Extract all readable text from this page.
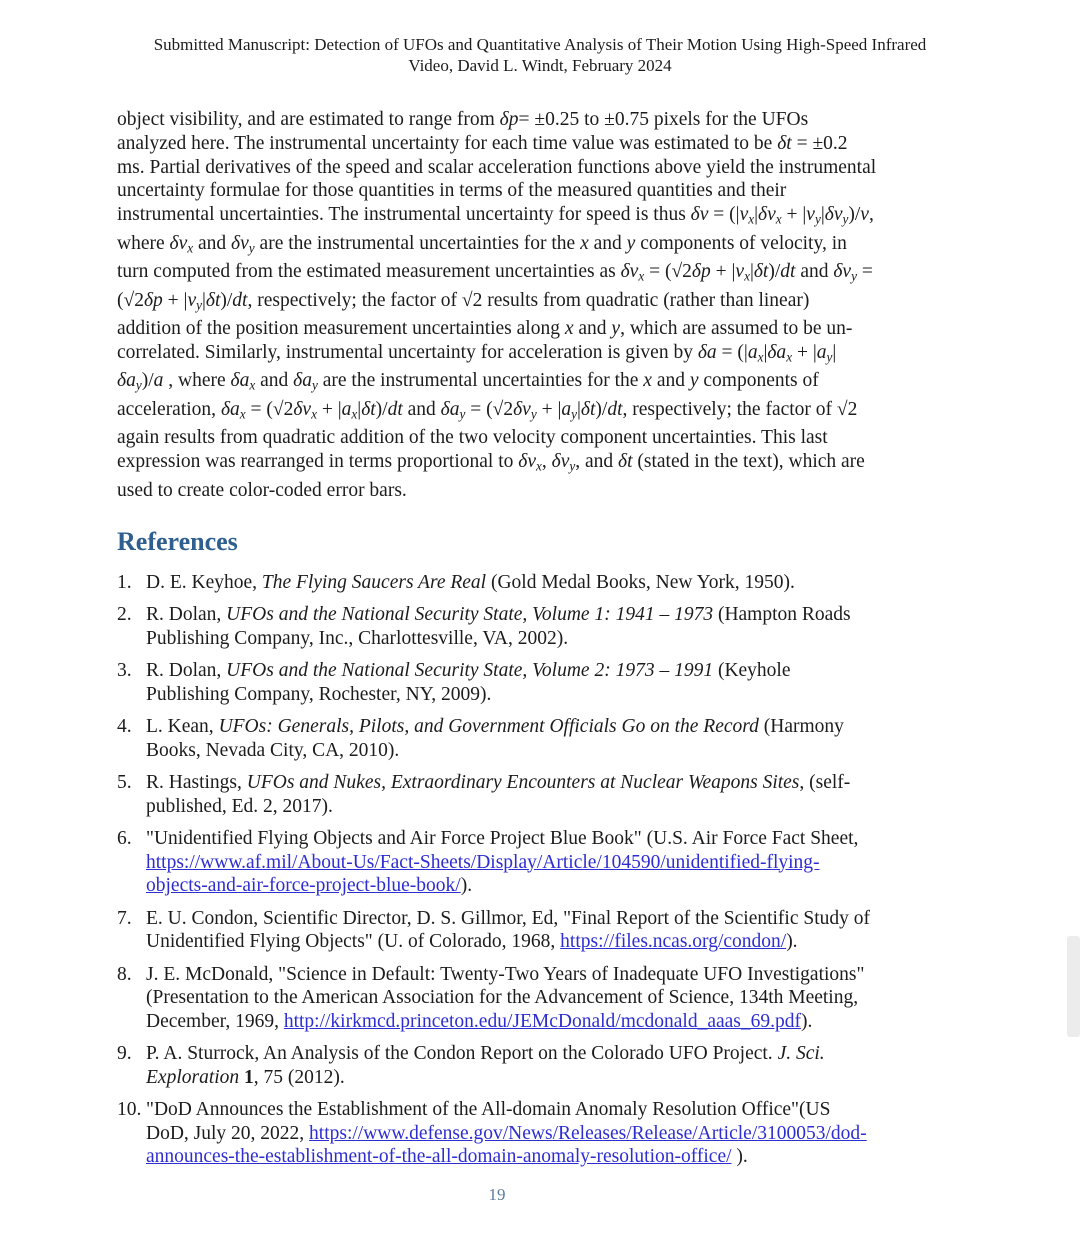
Submitted Manuscript: Detection of UFOs and Quantitative Analysis of Their Motion Using High-Speed Infrared
Video, David L. Windt, February 2024

object visibility, and are estimated to range from δp= ±0.25 to ±0.75 pixels for the UFOs analyzed here. The instrumental uncertainty for each time value was estimated to be δt = ±0.2 ms. Partial derivatives of the speed and scalar acceleration functions above yield the instrumental uncertainty formulae for those quantities in terms of the measured quantities and their instrumental uncertainties. The instrumental uncertainty for speed is thus δv = (|vx|δvx + |vy|δvy)/v, where δvx and δvy are the instrumental uncertainties for the x and y components of velocity, in turn computed from the estimated measurement uncertainties as δvx = (√2δp + |vx|δt)/dt and δvy = (√2δp + |vy|δt)/dt, respectively; the factor of √2 results from quadratic (rather than linear) addition of the position measurement uncertainties along x and y, which are assumed to be un-correlated. Similarly, instrumental uncertainty for acceleration is given by δa = (|ax|δax + |ay|δay)/a , where δax and δay are the instrumental uncertainties for the x and y components of acceleration, δax = (√2δvx + |ax|δt)/dt and δay = (√2δvy + |ay|δt)/dt, respectively; the factor of √2 again results from quadratic addition of the two velocity component uncertainties. This last expression was rearranged in terms proportional to δvx, δvy, and δt (stated in the text), which are used to create color-coded error bars.

References
1. D. E. Keyhoe, The Flying Saucers Are Real (Gold Medal Books, New York, 1950).
2. R. Dolan, UFOs and the National Security State, Volume 1: 1941 – 1973 (Hampton Roads Publishing Company, Inc., Charlottesville, VA, 2002).
3. R. Dolan, UFOs and the National Security State, Volume 2: 1973 – 1991 (Keyhole Publishing Company, Rochester, NY, 2009).
4. L. Kean, UFOs: Generals, Pilots, and Government Officials Go on the Record (Harmony Books, Nevada City, CA, 2010).
5. R. Hastings, UFOs and Nukes, Extraordinary Encounters at Nuclear Weapons Sites, (self-published, Ed. 2, 2017).
6. "Unidentified Flying Objects and Air Force Project Blue Book" (U.S. Air Force Fact Sheet, https://www.af.mil/About-Us/Fact-Sheets/Display/Article/104590/unidentified-flying-objects-and-air-force-project-blue-book/).
7. E. U. Condon, Scientific Director, D. S. Gillmor, Ed, "Final Report of the Scientific Study of Unidentified Flying Objects" (U. of Colorado, 1968, https://files.ncas.org/condon/).
8. J. E. McDonald, "Science in Default: Twenty-Two Years of Inadequate UFO Investigations" (Presentation to the American Association for the Advancement of Science, 134th Meeting, December, 1969, http://kirkmcd.princeton.edu/JEMcDonald/mcdonald_aaas_69.pdf).
9. P. A. Sturrock, An Analysis of the Condon Report on the Colorado UFO Project. J. Sci. Exploration 1, 75 (2012).
10. "DoD Announces the Establishment of the All-domain Anomaly Resolution Office"(US DoD, July 20, 2022, https://www.defense.gov/News/Releases/Release/Article/3100053/dod-announces-the-establishment-of-the-all-domain-anomaly-resolution-office/ ).
19
